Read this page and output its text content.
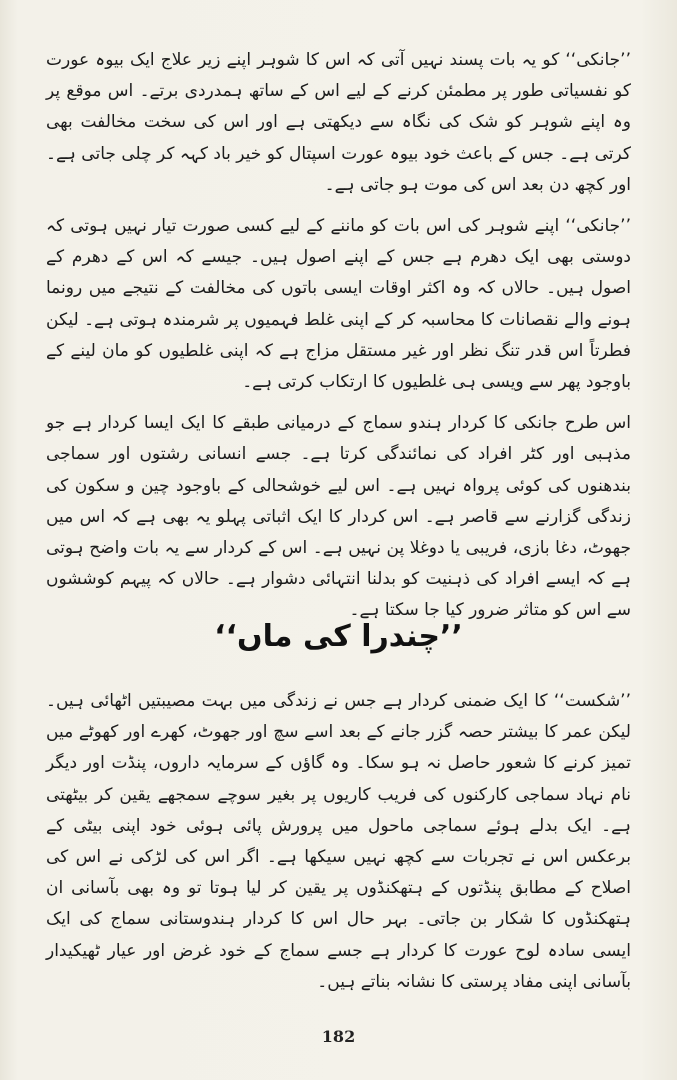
’’جانکی‘‘ کو یہ بات پسند نہیں آتی کہ اس کا شوہر اپنے زیر علاج ایک بیوہ عورت کو نفسیاتی طور پر مطمئن کرنے کے لیے اس کے ساتھ ہمدردی برتے۔ اس موقع پر وہ اپنے شوہر کو شک کی نگاہ سے دیکھتی ہے اور اس کی سخت مخالفت بھی کرتی ہے۔ جس کے باعث خود بیوہ عورت اسپتال کو خیر باد کہہ کر چلی جاتی ہے۔ اور کچھ دن بعد اس کی موت ہو جاتی ہے۔

’’جانکی‘‘ اپنے شوہر کی اس بات کو ماننے کے لیے کسی صورت تیار نہیں ہوتی کہ دوستی بھی ایک دھرم ہے جس کے اپنے اصول ہیں۔ جیسے کہ اس کے دھرم کے اصول ہیں۔ حالاں کہ وہ اکثر اوقات ایسی باتوں کی مخالفت کے نتیجے میں رونما ہونے والے نقصانات کا محاسبہ کر کے اپنی غلط فہمیوں پر شرمندہ ہوتی ہے۔ لیکن فطرتاً اس قدر تنگ نظر اور غیر مستقل مزاج ہے کہ اپنی غلطیوں کو مان لینے کے باوجود پھر سے ویسی ہی غلطیوں کا ارتکاب کرتی ہے۔

اس طرح جانکی کا کردار ہندو سماج کے درمیانی طبقے کا ایک ایسا کردار ہے جو مذہبی اور کٹر افراد کی نمائندگی کرتا ہے۔ جسے انسانی رشتوں اور سماجی بندھنوں کی کوئی پرواہ نہیں ہے۔ اس لیے خوشحالی کے باوجود چین و سکون کی زندگی گزارنے سے قاصر ہے۔ اس کردار کا ایک اثباتی پہلو یہ بھی ہے کہ اس میں جھوٹ، دغا بازی، فریبی یا دوغلا پن نہیں ہے۔ اس کے کردار سے یہ بات واضح ہوتی ہے کہ ایسے افراد کی ذہنیت کو بدلنا انتہائی دشوار ہے۔ حالاں کہ پیہم کوششوں سے اس کو متاثر ضرور کیا جا سکتا ہے۔

’’چندرا کی ماں‘‘

’’شکست‘‘ کا ایک ضمنی کردار ہے جس نے زندگی میں بہت مصیبتیں اٹھائی ہیں۔ لیکن عمر کا بیشتر حصہ گزر جانے کے بعد اسے سچ اور جھوٹ، کھرے اور کھوٹے میں تمیز کرنے کا شعور حاصل نہ ہو سکا۔ وہ گاؤں کے سرمایہ داروں، پنڈت اور دیگر نام نہاد سماجی کارکنوں کی فریب کاریوں پر بغیر سوچے سمجھے یقین کر بیٹھتی ہے۔ ایک بدلے ہوئے سماجی ماحول میں پرورش پائی ہوئی خود اپنی بیٹی کے برعکس اس نے تجربات سے کچھ نہیں سیکھا ہے۔ اگر اس کی لڑکی نے اس کی اصلاح کے مطابق پنڈتوں کے ہتھکنڈوں پر یقین کر لیا ہوتا تو وہ بھی بآسانی ان ہتھکنڈوں کا شکار بن جاتی۔ بہر حال اس کا کردار ہندوستانی سماج کی ایک ایسی سادہ لوح عورت کا کردار ہے جسے سماج کے خود غرض اور عیار ٹھیکیدار بآسانی اپنی مفاد پرستی کا نشانہ بناتے ہیں۔

182
